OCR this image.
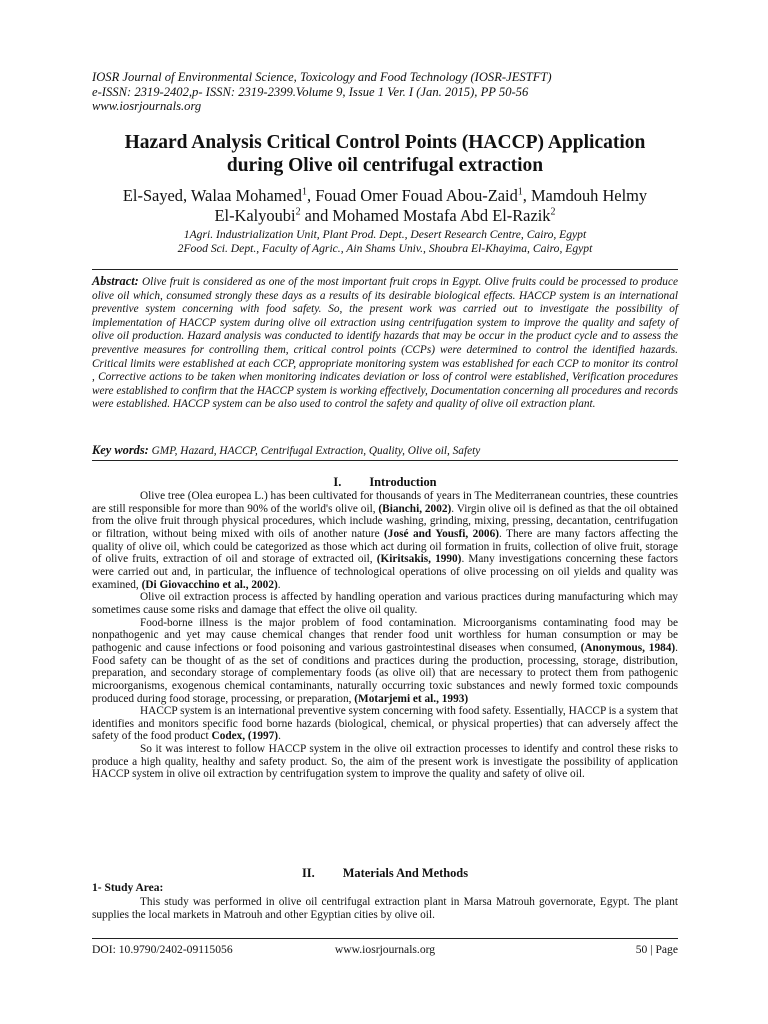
IOSR Journal of Environmental Science, Toxicology and Food Technology (IOSR-JESTFT)
e-ISSN: 2319-2402,p- ISSN: 2319-2399.Volume 9, Issue 1 Ver. I (Jan. 2015), PP 50-56
www.iosrjournals.org
Hazard Analysis Critical Control Points (HACCP) Application
during Olive oil centrifugal extraction
El-Sayed, Walaa Mohamed$^1$, Fouad Omer Fouad Abou-Zaid$^1$, Mamdouh Helmy
El-Kalyoubi$^2$ and Mohamed Mostafa Abd El-Razik$^2$
1Agri. Industrialization Unit, Plant Prod. Dept., Desert Research Centre, Cairo, Egypt
2Food Sci. Dept., Faculty of Agric., Ain Shams Univ., Shoubra El-Khayima, Cairo, Egypt
Abstract: Olive fruit is considered as one of the most important fruit crops in Egypt. Olive fruits could be processed to produce olive oil which, consumed strongly these days as a results of its desirable biological effects. HACCP system is an international preventive system concerning with food safety. So, the present work was carried out to investigate the possibility of implementation of HACCP system during olive oil extraction using centrifugation system to improve the quality and safety of olive oil production. Hazard analysis was conducted to identify hazards that may be occur in the product cycle and to assess the preventive measures for controlling them, critical control points (CCPs) were determined to control the identified hazards. Critical limits were established at each CCP, appropriate monitoring system was established for each CCP to monitor its control , Corrective actions to be taken when monitoring indicates deviation or loss of control were established, Verification procedures were established to confirm that the HACCP system is working effectively, Documentation concerning all procedures and records were established. HACCP system can be also used to control the safety and quality of olive oil extraction plant.
Key words: GMP, Hazard, HACCP, Centrifugal Extraction, Quality, Olive oil, Safety
I. Introduction

Olive tree (Olea europea L.) has been cultivated for thousands of years in The Mediterranean countries, these countries are still responsible for more than 90% of the world's olive oil, (Bianchi, 2002). Virgin olive oil is defined as that the oil obtained from the olive fruit through physical procedures, which include washing, grinding, mixing, pressing, decantation, centrifugation or filtration, without being mixed with oils of another nature (José and Yousfi, 2006). There are many factors affecting the quality of olive oil, which could be categorized as those which act during oil formation in fruits, collection of olive fruit, storage of olive fruits, extraction of oil and storage of extracted oil, (Kiritsakis, 1990). Many investigations concerning these factors were carried out and, in particular, the influence of technological operations of olive processing on oil yields and quality was examined, (Di Giovacchino et al., 2002).

Olive oil extraction process is affected by handling operation and various practices during manufacturing which may sometimes cause some risks and damage that effect the olive oil quality.

Food-borne illness is the major problem of food contamination. Microorganisms contaminating food may be nonpathogenic and yet may cause chemical changes that render food unit worthless for human consumption or may be pathogenic and cause infections or food poisoning and various gastrointestinal diseases when consumed, (Anonymous, 1984). Food safety can be thought of as the set of conditions and practices during the production, processing, storage, distribution, preparation, and secondary storage of complementary foods (as olive oil) that are necessary to protect them from pathogenic microorganisms, exogenous chemical contaminants, naturally occurring toxic substances and newly formed toxic compounds produced during food storage, processing, or preparation, (Motarjemi et al., 1993)

HACCP system is an international preventive system concerning with food safety. Essentially, HACCP is a system that identifies and monitors specific food borne hazards (biological, chemical, or physical properties) that can adversely affect the safety of the food product Codex, (1997).

So it was interest to follow HACCP system in the olive oil extraction processes to identify and control these risks to produce a high quality, healthy and safety product. So, the aim of the present work is investigate the possibility of application HACCP system in olive oil extraction by centrifugation system to improve the quality and safety of olive oil.

II. Materials And Methods
1- Study Area:

This study was performed in olive oil centrifugal extraction plant in Marsa Matrouh governorate, Egypt. The plant supplies the local markets in Matrouh and other Egyptian cities by olive oil.

DOI: 10.9790/2402-09115056	www.iosrjournals.org	50 | Page
